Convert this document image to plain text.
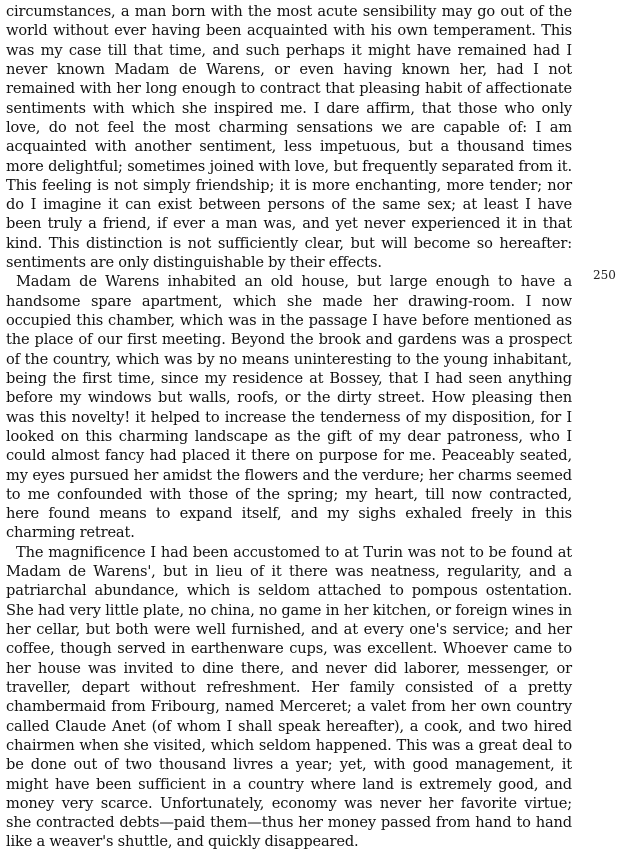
circumstances, a man born with the most acute sensibility may go out of the world without ever having been acquainted with his own temperament. This was my case till that time, and such perhaps it might have remained had I never known Madam de Warens, or even having known her, had I not remained with her long enough to contract that pleasing habit of affectionate sentiments with which she inspired me. I dare affirm, that those who only love, do not feel the most charming sensations we are capable of: I am acquainted with another sentiment, less impetuous, but a thousand times more delightful; sometimes joined with love, but frequently separated from it. This feeling is not simply friendship; it is more enchanting, more tender; nor do I imagine it can exist between persons of the same sex; at least I have been truly a friend, if ever a man was, and yet never experienced it in that kind. This distinction is not sufficiently clear, but will become so hereafter: sentiments are only distinguishable by their effects.

Madam de Warens inhabited an old house, but large enough to have a handsome spare apartment, which she made her drawing-room. I now occupied this chamber, which was in the passage I have before mentioned as the place of our first meeting. Beyond the brook and gardens was a prospect of the country, which was by no means uninteresting to the young inhabitant, being the first time, since my residence at Bossey, that I had seen anything before my windows but walls, roofs, or the dirty street. How pleasing then was this novelty! it helped to increase the tenderness of my disposition, for I looked on this charming landscape as the gift of my dear patroness, who I could almost fancy had placed it there on purpose for me. Peaceably seated, my eyes pursued her amidst the flowers and the verdure; her charms seemed to me confounded with those of the spring; my heart, till now contracted, here found means to expand itself, and my sighs exhaled freely in this charming retreat.

The magnificence I had been accustomed to at Turin was not to be found at Madam de Warens', but in lieu of it there was neatness, regularity, and a patriarchal abundance, which is seldom attached to pompous ostentation. She had very little plate, no china, no game in her kitchen, or foreign wines in her cellar, but both were well furnished, and at every one's service; and her coffee, though served in earthenware cups, was excellent. Whoever came to her house was invited to dine there, and never did laborer, messenger, or traveller, depart without refreshment. Her family consisted of a pretty chambermaid from Fribourg, named Merceret; a valet from her own country called Claude Anet (of whom I shall speak hereafter), a cook, and two hired chairmen when she visited, which seldom happened. This was a great deal to be done out of two thousand livres a year; yet, with good management, it might have been sufficient in a country where land is extremely good, and money very scarce. Unfortunately, economy was never her favorite virtue; she contracted debts—paid them—thus her money passed from hand to hand like a weaver's shuttle, and quickly disappeared.

250
